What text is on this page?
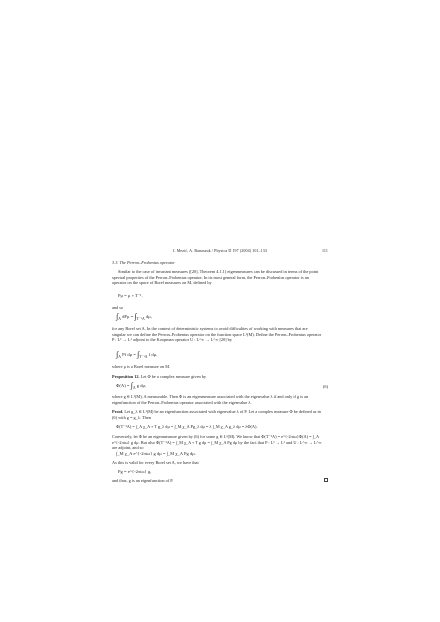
I. Mezić, A. Banaszuk / Physica D 197 (2004) 101–133	111
3.3. The Perron–Frobenius operator
Similar to the case of invariant measures ([20], Theorem 4.1.1) eigenmeasures can be discussed in terms of the point spectral properties of the Perron–Frobenius operator. In its most general form, the Perron–Frobenius operator is an operator on the space of Borel measures on M, defined by
Pμ = μ ∘ T⁻¹,
and so
$\int_A$ $dP\mu = \int_{T^{-1}A}$ dμ,
for any Borel set A. In the context of deterministic systems to avoid difficulties of working with measures that are singular we can define the Perron–Frobenius operator on the function space L¹(M). Define the Perron–Frobenius operator P : L¹ → L¹ adjoint to the Koopman operator U : L^∞ → L^∞ [20] by
$\int_A$ Pf $d\mu = \int_{T^{-1}A}$ f dμ,
where μ is a Borel measure on M.
Proposition 12. Let Φ be a complex measure given by
$\Phi(A) = \int_A$ g dμ,	(6)
where g ∈ L¹(M), A measurable. Then Φ is an eigenmeasure associated with the eigenvalue λ if and only if g is an eigenfunction of the Perron–Frobenius operator associated with the eigenvalue λ.
Proof. Let g_λ ∈ L¹(M) be an eigenfunction associated with eigenvalue λ of P. Let a complex measure Φ be defined as in (6) with g = g_λ. Then
Φ(T⁻¹A) = ∫_A χ_A ∘ T g_λ dμ = ∫_M χ_A Pg_λ dμ = λ ∫_M χ_A g_λ dμ = λΦ(A).
Conversely, let Φ be an eigenmeasure given by (6) for some g ∈ L¹(M). We know that Φ(T⁻¹A) = e^{-2πiω}Φ(A) = ∫_A e^{-2πiω} g dμ. But also Φ(T⁻¹A) = ∫_M χ_A ∘ T g dμ = ∫_M χ_A Pg dμ by the fact that P : L¹ → L¹ and U : L^∞ → L^∞ are adjoint, and so
∫_M χ_A e^{-2πiω} g dμ = ∫_M χ_A Pg dμ.
As this is valid for every Borel set A, we have that
Pg = e^{-2πiω} g,
and thus, g is an eigenfunction of P.
